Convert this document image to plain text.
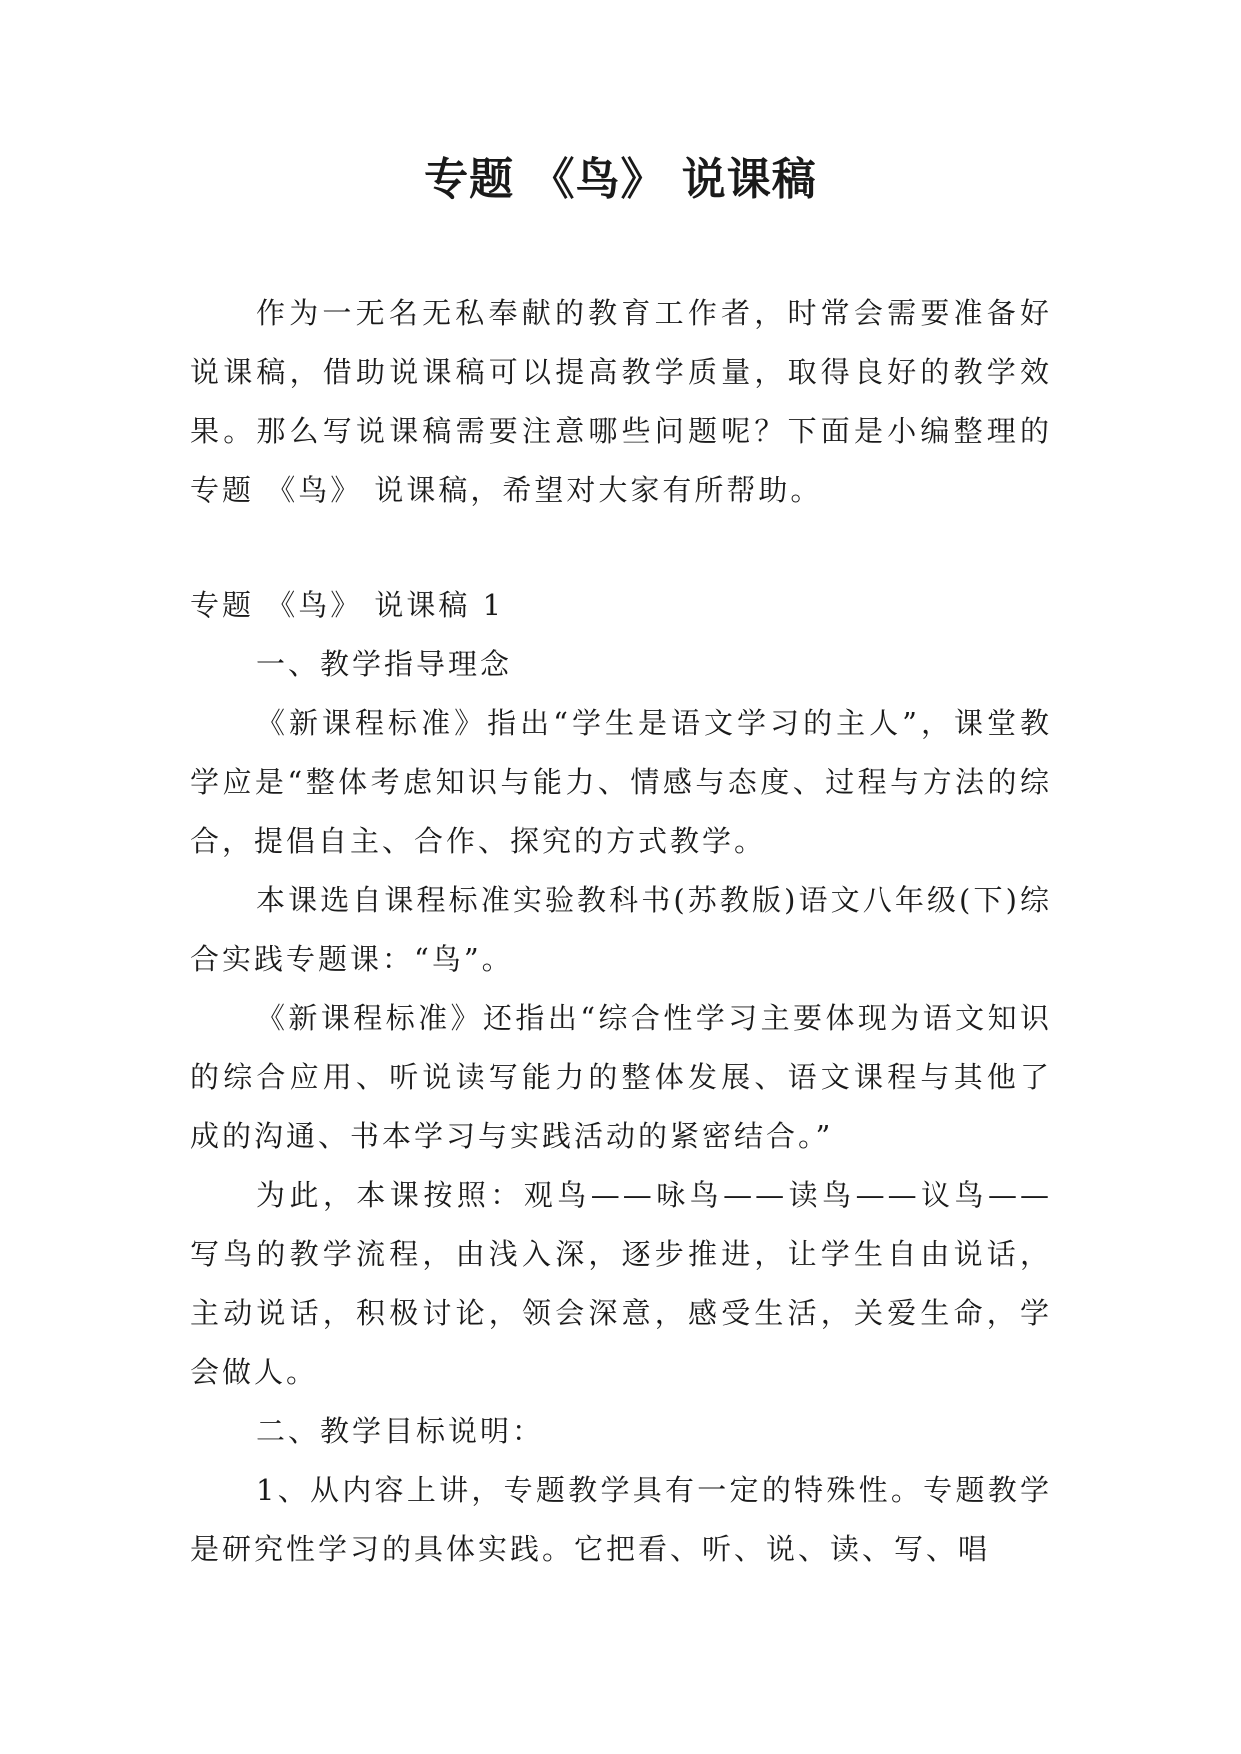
专题 《鸟》 说课稿

作为一无名无私奉献的教育工作者，时常会需要准备好说课稿，借助说课稿可以提高教学质量，取得良好的教学效果。那么写说课稿需要注意哪些问题呢？下面是小编整理的专题 《鸟》 说课稿，希望对大家有所帮助。

专题 《鸟》 说课稿 1

一、教学指导理念

《新课程标准》指出“学生是语文学习的主人”，课堂教学应是“整体考虑知识与能力、情感与态度、过程与方法的综合，提倡自主、合作、探究的方式教学。

本课选自课程标准实验教科书(苏教版)语文八年级(下)综合实践专题课：“鸟”。

《新课程标准》还指出“综合性学习主要体现为语文知识的综合应用、听说读写能力的整体发展、语文课程与其他了成的沟通、书本学习与实践活动的紧密结合。”

为此，本课按照：观鸟——咏鸟——读鸟——议鸟——写鸟的教学流程，由浅入深，逐步推进，让学生自由说话，主动说话，积极讨论，领会深意，感受生活，关爱生命，学会做人。

二、教学目标说明：

1、从内容上讲，专题教学具有一定的特殊性。专题教学是研究性学习的具体实践。它把看、听、说、读、写、唱
